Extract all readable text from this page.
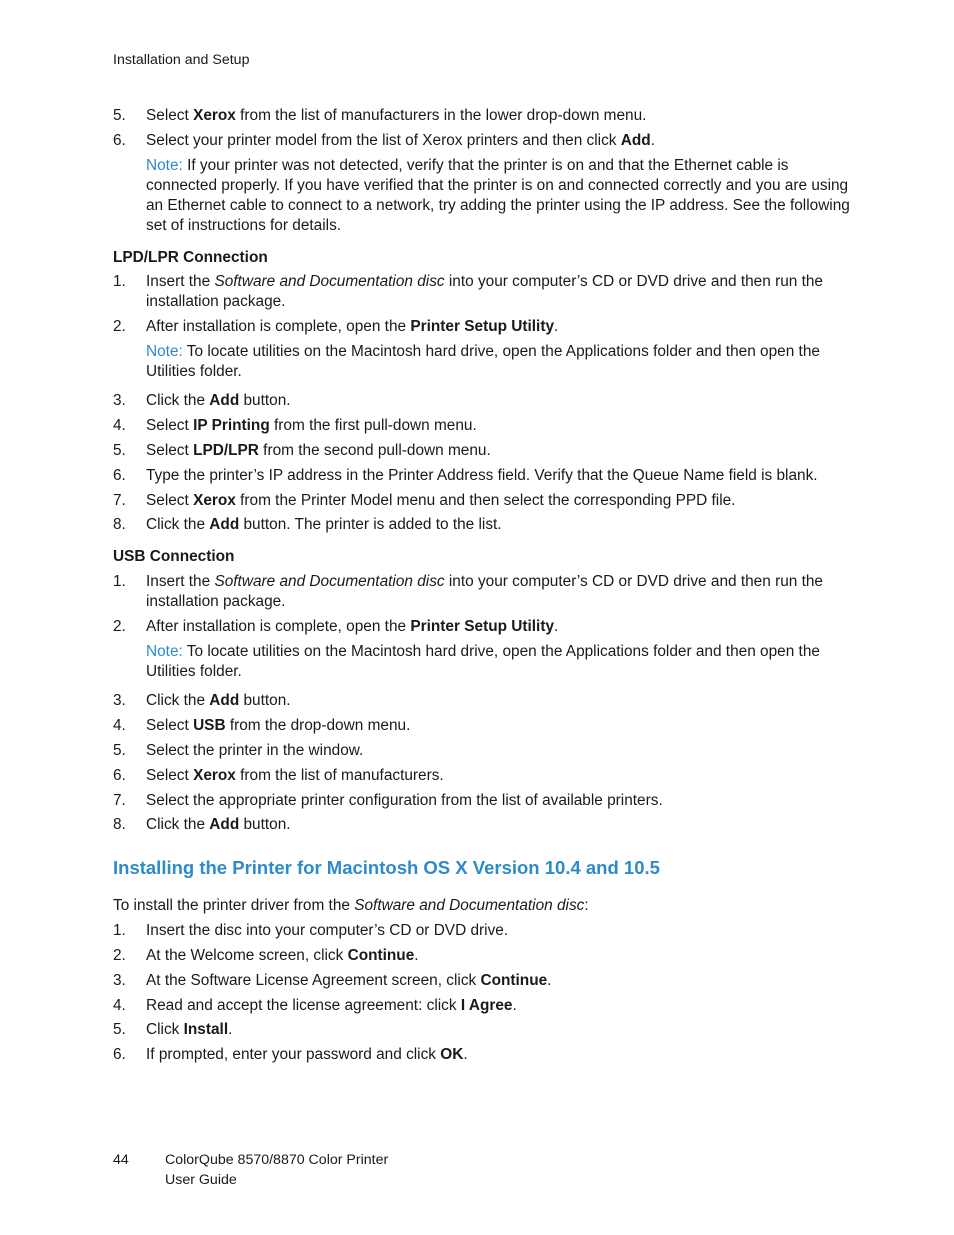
Installation and Setup
5.	Select Xerox from the list of manufacturers in the lower drop-down menu.
6.	Select your printer model from the list of Xerox printers and then click Add.
Note: If your printer was not detected, verify that the printer is on and that the Ethernet cable is connected properly. If you have verified that the printer is on and connected correctly and you are using an Ethernet cable to connect to a network, try adding the printer using the IP address. See the following set of instructions for details.
LPD/LPR Connection
1.	Insert the Software and Documentation disc into your computer’s CD or DVD drive and then run the installation package.
2.	After installation is complete, open the Printer Setup Utility.
Note: To locate utilities on the Macintosh hard drive, open the Applications folder and then open the Utilities folder.
3.	Click the Add button.
4.	Select IP Printing from the first pull-down menu.
5.	Select LPD/LPR from the second pull-down menu.
6.	Type the printer’s IP address in the Printer Address field. Verify that the Queue Name field is blank.
7.	Select Xerox from the Printer Model menu and then select the corresponding PPD file.
8.	Click the Add button. The printer is added to the list.
USB Connection
1.	Insert the Software and Documentation disc into your computer’s CD or DVD drive and then run the installation package.
2.	After installation is complete, open the Printer Setup Utility.
Note: To locate utilities on the Macintosh hard drive, open the Applications folder and then open the Utilities folder.
3.	Click the Add button.
4.	Select USB from the drop-down menu.
5.	Select the printer in the window.
6.	Select Xerox from the list of manufacturers.
7.	Select the appropriate printer configuration from the list of available printers.
8.	Click the Add button.
Installing the Printer for Macintosh OS X Version 10.4 and 10.5
To install the printer driver from the Software and Documentation disc:
1.	Insert the disc into your computer’s CD or DVD drive.
2.	At the Welcome screen, click Continue.
3.	At the Software License Agreement screen, click Continue.
4.	Read and accept the license agreement: click I Agree.
5.	Click Install.
6.	If prompted, enter your password and click OK.
44	ColorQube 8570/8870 Color Printer
User Guide
